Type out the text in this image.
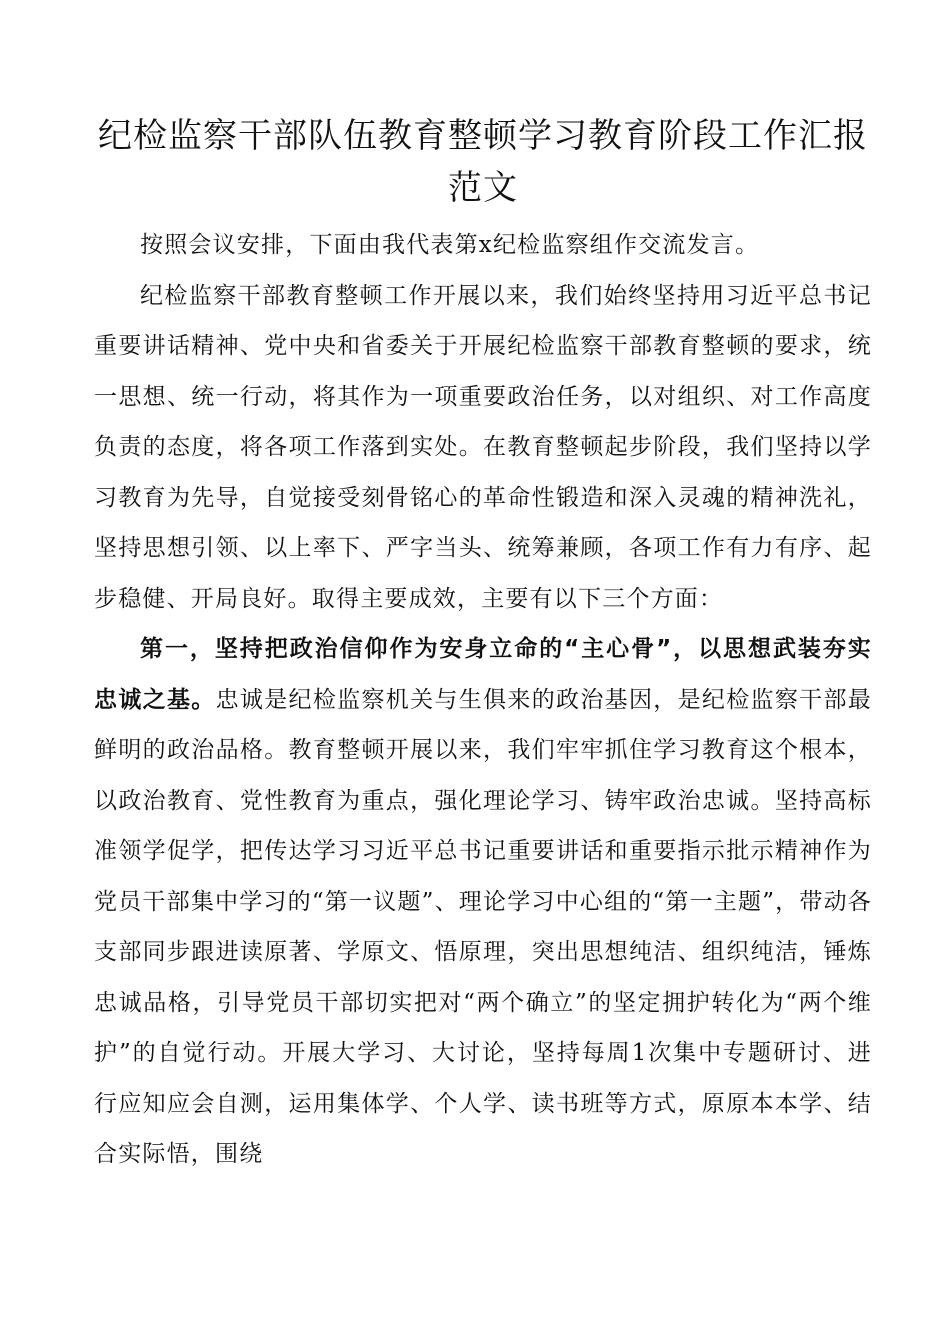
纪检监察干部队伍教育整顿学习教育阶段工作汇报范文

按照会议安排，下面由我代表第x纪检监察组作交流发言。

纪检监察干部教育整顿工作开展以来，我们始终坚持用习近平总书记重要讲话精神、党中央和省委关于开展纪检监察干部教育整顿的要求，统一思想、统一行动，将其作为一项重要政治任务，以对组织、对工作高度负责的态度，将各项工作落到实处。在教育整顿起步阶段，我们坚持以学习教育为先导，自觉接受刻骨铭心的革命性锻造和深入灵魂的精神洗礼，坚持思想引领、以上率下、严字当头、统筹兼顾，各项工作有力有序、起步稳健、开局良好。取得主要成效，主要有以下三个方面：

第一，坚持把政治信仰作为安身立命的“主心骨”，以思想武装夯实忠诚之基。忠诚是纪检监察机关与生俱来的政治基因，是纪检监察干部最鲜明的政治品格。教育整顿开展以来，我们牢牢抓住学习教育这个根本，以政治教育、党性教育为重点，强化理论学习、铸牢政治忠诚。坚持高标准领学促学，把传达学习习近平总书记重要讲话和重要指示批示精神作为党员干部集中学习的“第一议题”、理论学习中心组的“第一主题”，带动各支部同步跟进读原著、学原文、悟原理，突出思想纯洁、组织纯洁，锤炼忠诚品格，引导党员干部切实把对“两个确立”的坚定拥护转化为“两个维护”的自觉行动。开展大学习、大讨论，坚持每周1次集中专题研讨、进行应知应会自测，运用集体学、个人学、读书班等方式，原原本本学、结合实际悟，围绕
